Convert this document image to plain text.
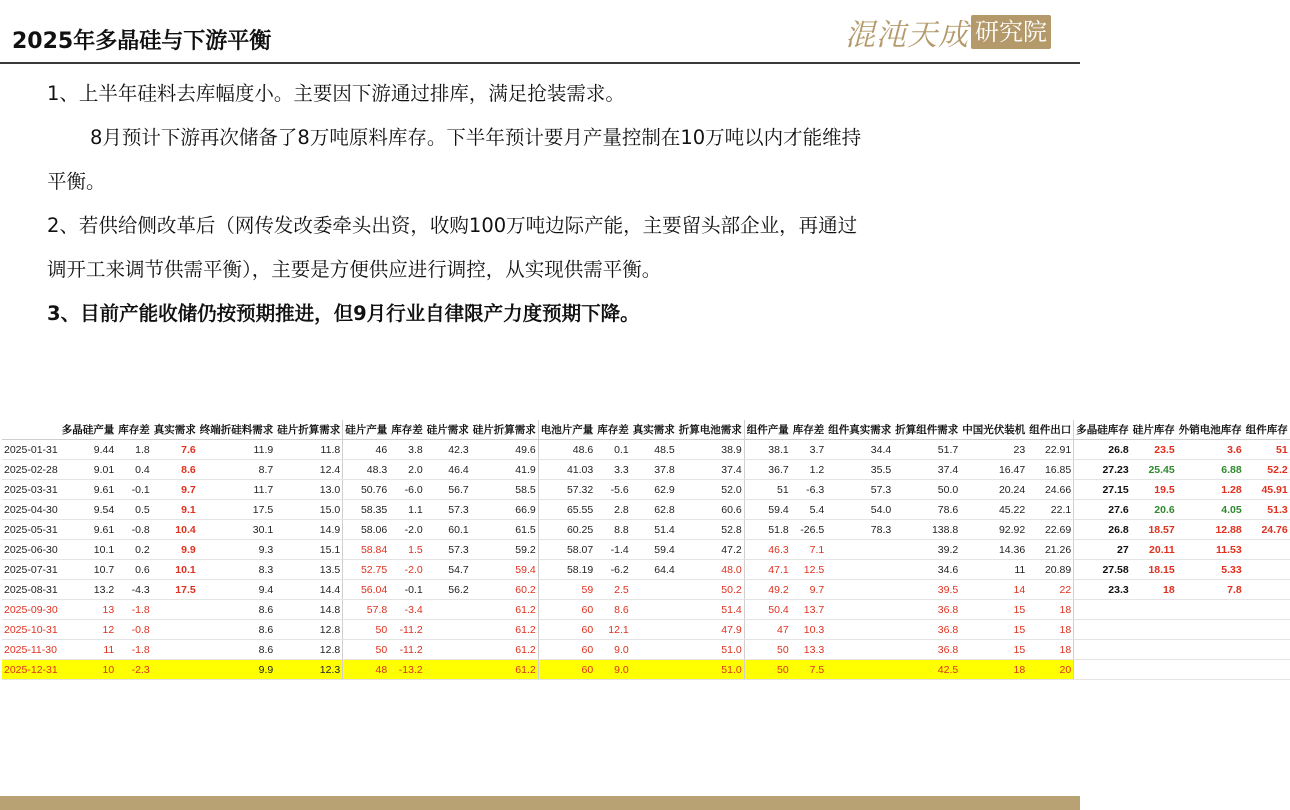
2025年多晶硅与下游平衡	混沌天成 研究院
1、上半年硅料去库幅度小。主要因下游通过排库，满足抢装需求。
8月预计下游再次储备了8万吨原料库存。下半年预计要月产量控制在10万吨以内才能维持
平衡。
2、若供给侧改革后（网传发改委牵头出资，收购100万吨边际产能，主要留头部企业，再通过
调开工来调节供需平衡），主要是方便供应进行调控，从实现供需平衡。
3、目前产能收储仍按预期推进，但9月行业自律限产力度预期下降。
	多晶硅产量	库存差	真实需求	终端折硅料需求	硅片折算需求	硅片产量	库存差	硅片需求	硅片折算需求	电池片产量	库存差	真实需求	折算电池需求	组件产量	库存差	组件真实需求	折算组件需求	中国光伏装机	组件出口	多晶硅库存	硅片库存	外销电池库存	组件库存
2025-01-31	9.44	1.8	7.6	11.9	11.8	46	3.8	42.3	49.6	48.6	0.1	48.5	38.9	38.1	3.7	34.4	51.7	23	22.91	26.8	23.5	3.6	51
2025-02-28	9.01	0.4	8.6	8.7	12.4	48.3	2.0	46.4	41.9	41.03	3.3	37.8	37.4	36.7	1.2	35.5	37.4	16.47	16.85	27.23	25.45	6.88	52.2
2025-03-31	9.61	-0.1	9.7	11.7	13.0	50.76	-6.0	56.7	58.5	57.32	-5.6	62.9	52.0	51	-6.3	57.3	50.0	20.24	24.66	27.15	19.5	1.28	45.91
2025-04-30	9.54	0.5	9.1	17.5	15.0	58.35	1.1	57.3	66.9	65.55	2.8	62.8	60.6	59.4	5.4	54.0	78.6	45.22	22.1	27.6	20.6	4.05	51.3
2025-05-31	9.61	-0.8	10.4	30.1	14.9	58.06	-2.0	60.1	61.5	60.25	8.8	51.4	52.8	51.8	-26.5	78.3	138.8	92.92	22.69	26.8	18.57	12.88	24.76
2025-06-30	10.1	0.2	9.9	9.3	15.1	58.84	1.5	57.3	59.2	58.07	-1.4	59.4	47.2	46.3	7.1		39.2	14.36	21.26	27	20.11	11.53	
2025-07-31	10.7	0.6	10.1	8.3	13.5	52.75	-2.0	54.7	59.4	58.19	-6.2	64.4	48.0	47.1	12.5		34.6	11	20.89	27.58	18.15	5.33	
2025-08-31	13.2	-4.3	17.5	9.4	14.4	56.04	-0.1	56.2	60.2	59	2.5		50.2	49.2	9.7		39.5	14	22	23.3	18	7.8	
2025-09-30	13	-1.8		8.6	14.8	57.8	-3.4		61.2	60	8.6		51.4	50.4	13.7		36.8	15	18				
2025-10-31	12	-0.8		8.6	12.8	50	-11.2		61.2	60	12.1		47.9	47	10.3		36.8	15	18				
2025-11-30	11	-1.8		8.6	12.8	50	-11.2		61.2	60	9.0		51.0	50	13.3		36.8	15	18				
2025-12-31	10	-2.3		9.9	12.3	48	-13.2		61.2	60	9.0		51.0	50	7.5		42.5	18	20				
